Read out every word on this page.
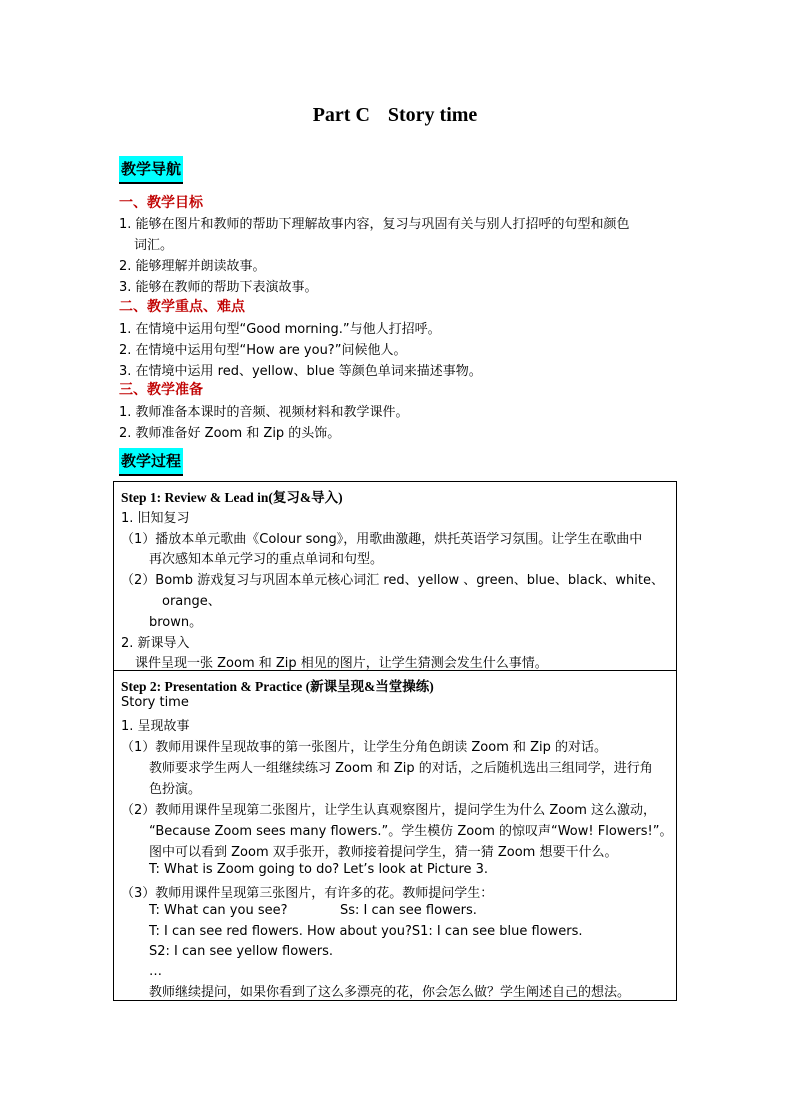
Part C Story time
教学导航
一、教学目标
1. 能够在图片和教师的帮助下理解故事内容，复习与巩固有关与别人打招呼的句型和颜色
词汇。
2. 能够理解并朗读故事。
3. 能够在教师的帮助下表演故事。
二、教学重点、难点
1. 在情境中运用句型“Good morning.”与他人打招呼。
2. 在情境中运用句型“How are you?”问候他人。
3. 在情境中运用 red、yellow、blue 等颜色单词来描述事物。
三、教学准备
1. 教师准备本课时的音频、视频材料和教学课件。
2. 教师准备好 Zoom 和 Zip 的头饰。
教学过程
Step 1: Review & Lead in(复习&导入)
1. 旧知复习
（1）播放本单元歌曲《Colour song》，用歌曲激趣，烘托英语学习氛围。让学生在歌曲中
再次感知本单元学习的重点单词和句型。
（2）Bomb 游戏复习与巩固本单元核心词汇 red、yellow 、green、blue、black、white、
orange、
brown。
2. 新课导入
课件呈现一张 Zoom 和 Zip 相见的图片，让学生猜测会发生什么事情。
Step 2: Presentation & Practice (新课呈现&当堂操练)
Story time
1. 呈现故事
（1）教师用课件呈现故事的第一张图片，让学生分角色朗读 Zoom 和 Zip 的对话。
教师要求学生两人一组继续练习 Zoom 和 Zip 的对话，之后随机选出三组同学，进行角
色扮演。
（2）教师用课件呈现第二张图片，让学生认真观察图片，提问学生为什么 Zoom 这么激动，
“Because Zoom sees many flowers.”。学生模仿 Zoom 的惊叹声“Wow! Flowers!”。
图中可以看到 Zoom 双手张开，教师接着提问学生，猜一猜 Zoom 想要干什么。
T: What is Zoom going to do? Let’s look at Picture 3.
（3）教师用课件呈现第三张图片，有许多的花。教师提问学生：
T: What can you see?	Ss: I can see flowers.
T: I can see red flowers. How about you?S1: I can see blue flowers.
S2: I can see yellow flowers.
…
教师继续提问，如果你看到了这么多漂亮的花，你会怎么做？学生阐述自己的想法。
